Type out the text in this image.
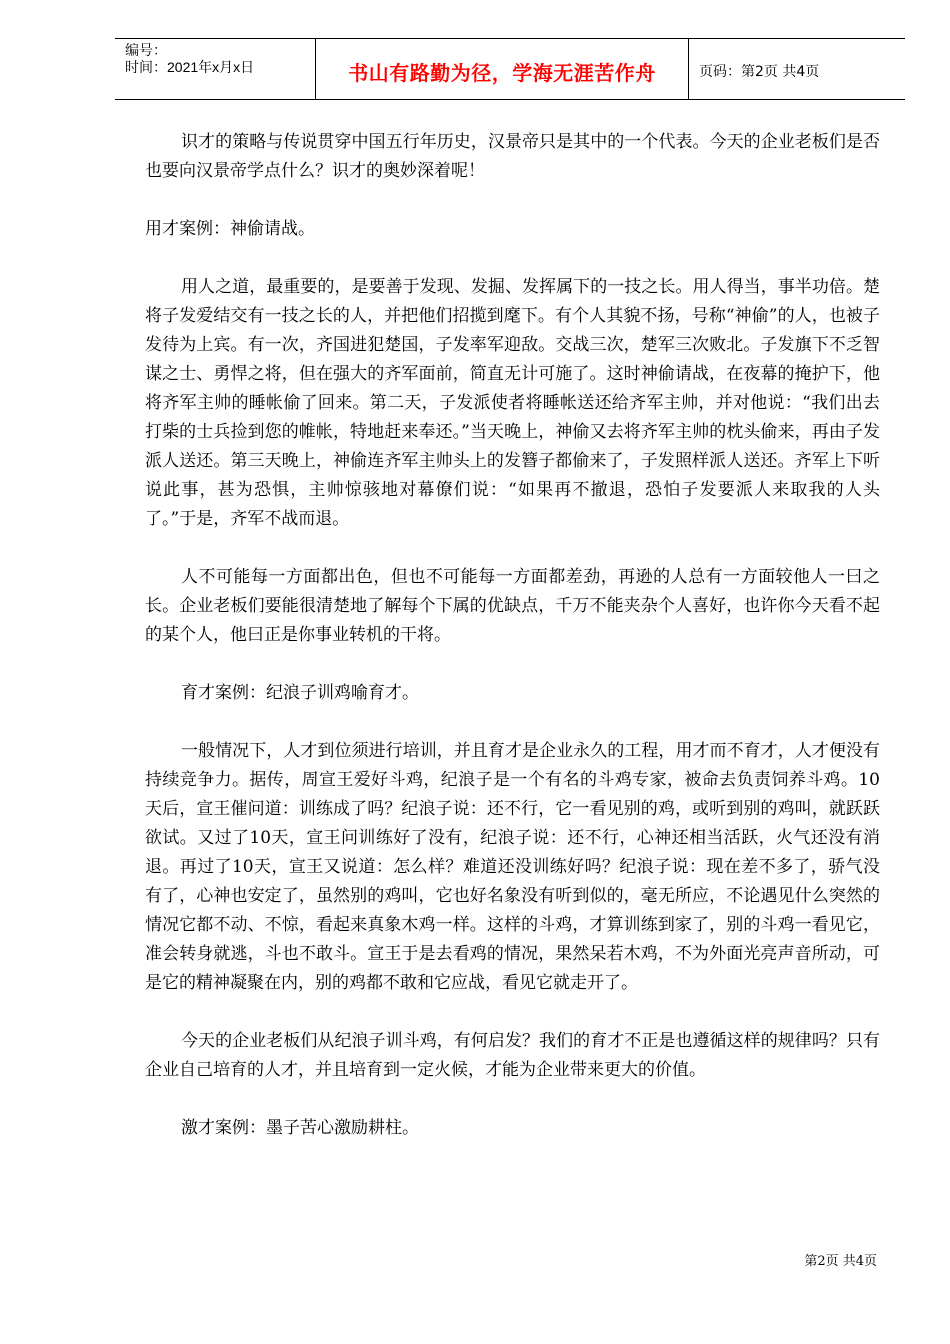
编号：
时间：2021年x月x日	书山有路勤为径，学海无涯苦作舟	页码：第2页 共4页

识才的策略与传说贯穿中国五行年历史，汉景帝只是其中的一个代表。今天的企业老板们是否也要向汉景帝学点什么？识才的奥妙深着呢！

用才案例：神偷请战。

用人之道，最重要的，是要善于发现、发掘、发挥属下的一技之长。用人得当，事半功倍。楚将子发爱结交有一技之长的人，并把他们招揽到麾下。有个人其貌不扬，号称“神偷”的人，也被子发待为上宾。有一次，齐国进犯楚国，子发率军迎敌。交战三次，楚军三次败北。子发旗下不乏智谋之士、勇悍之将，但在强大的齐军面前，简直无计可施了。这时神偷请战，在夜幕的掩护下，他将齐军主帅的睡帐偷了回来。第二天，子发派使者将睡帐送还给齐军主帅，并对他说：“我们出去打柴的士兵捡到您的帷帐，特地赶来奉还。”当天晚上，神偷又去将齐军主帅的枕头偷来，再由子发派人送还。第三天晚上，神偷连齐军主帅头上的发簪子都偷来了，子发照样派人送还。齐军上下听说此事，甚为恐惧，主帅惊骇地对幕僚们说：“如果再不撤退，恐怕子发要派人来取我的人头了。”于是，齐军不战而退。

人不可能每一方面都出色，但也不可能每一方面都差劲，再逊的人总有一方面较他人一曰之长。企业老板们要能很清楚地了解每个下属的优缺点，千万不能夹杂个人喜好，也许你今天看不起的某个人，他曰正是你事业转机的干将。

育才案例：纪浪子训鸡喻育才。

一般情况下，人才到位须进行培训，并且育才是企业永久的工程，用才而不育才，人才便没有持续竞争力。据传，周宣王爱好斗鸡，纪浪子是一个有名的斗鸡专家，被命去负责饲养斗鸡。10天后，宣王催问道：训练成了吗？纪浪子说：还不行，它一看见别的鸡，或听到别的鸡叫，就跃跃欲试。又过了10天，宣王问训练好了没有，纪浪子说：还不行，心神还相当活跃，火气还没有消退。再过了10天，宣王又说道：怎么样？难道还没训练好吗？纪浪子说：现在差不多了，骄气没有了，心神也安定了，虽然别的鸡叫，它也好名象没有听到似的，毫无所应，不论遇见什么突然的情况它都不动、不惊，看起来真象木鸡一样。这样的斗鸡，才算训练到家了，别的斗鸡一看见它，准会转身就逃，斗也不敢斗。宣王于是去看鸡的情况，果然呆若木鸡，不为外面光亮声音所动，可是它的精神凝聚在内，别的鸡都不敢和它应战，看见它就走开了。

今天的企业老板们从纪浪子训斗鸡，有何启发？我们的育才不正是也遵循这样的规律吗？只有企业自己培育的人才，并且培育到一定火候，才能为企业带来更大的价值。

激才案例：墨子苦心激励耕柱。

第2页 共4页
